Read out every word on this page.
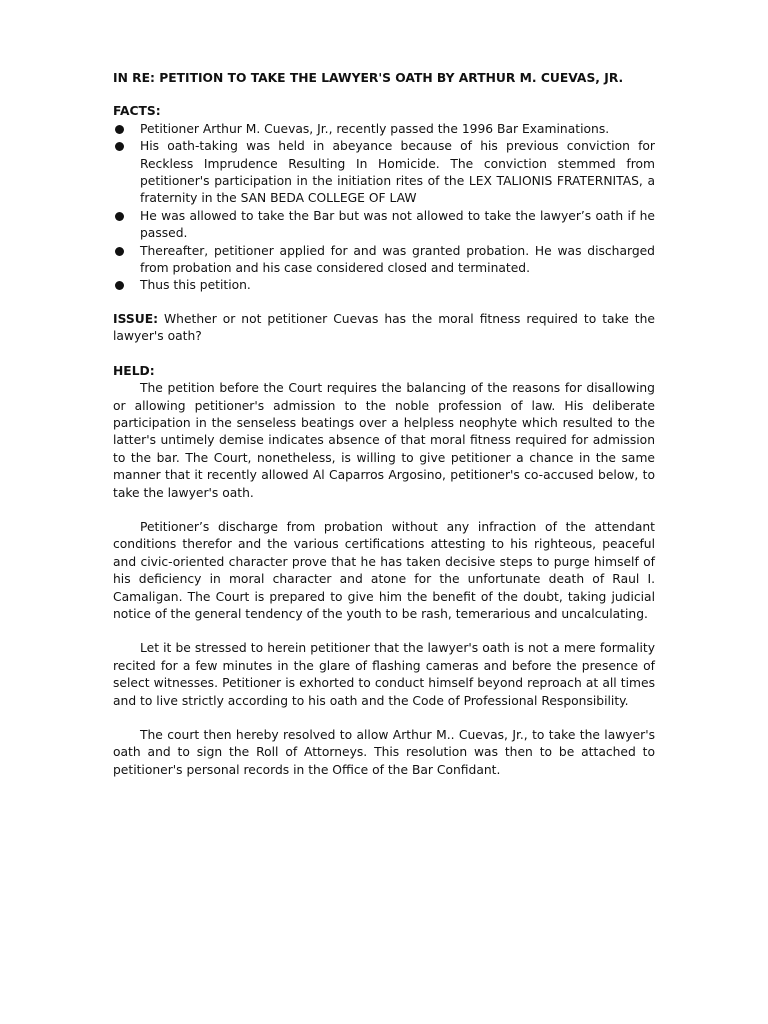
IN RE: PETITION TO TAKE THE LAWYER'S OATH BY ARTHUR M. CUEVAS, JR.

FACTS:
Petitioner Arthur M. Cuevas, Jr., recently passed the 1996 Bar Examinations.
His oath-taking was held in abeyance because of his previous conviction for Reckless Imprudence Resulting In Homicide. The conviction stemmed from petitioner's participation in the initiation rites of the LEX TALIONIS FRATERNITAS, a fraternity in the SAN BEDA COLLEGE OF LAW
He was allowed to take the Bar but was not allowed to take the lawyer’s oath if he passed.
Thereafter, petitioner applied for and was granted probation. He was discharged from probation and his case considered closed and terminated.
Thus this petition.
ISSUE: Whether or not petitioner Cuevas has the moral fitness required to take the lawyer's oath?
HELD:

The petition before the Court requires the balancing of the reasons for disallowing or allowing petitioner's admission to the noble profession of law. His deliberate participation in the senseless beatings over a helpless neophyte which resulted to the latter's untimely demise indicates absence of that moral fitness required for admission to the bar. The Court, nonetheless, is willing to give petitioner a chance in the same manner that it recently allowed Al Caparros Argosino, petitioner's co-accused below, to take the lawyer's oath.

Petitioner’s discharge from probation without any infraction of the attendant conditions therefor and the various certifications attesting to his righteous, peaceful and civic-oriented character prove that he has taken decisive steps to purge himself of his deficiency in moral character and atone for the unfortunate death of Raul I. Camaligan. The Court is prepared to give him the benefit of the doubt, taking judicial notice of the general tendency of the youth to be rash, temerarious and uncalculating.

Let it be stressed to herein petitioner that the lawyer's oath is not a mere formality recited for a few minutes in the glare of flashing cameras and before the presence of select witnesses. Petitioner is exhorted to conduct himself beyond reproach at all times and to live strictly according to his oath and the Code of Professional Responsibility.

The court then hereby resolved to allow Arthur M.. Cuevas, Jr., to take the lawyer's oath and to sign the Roll of Attorneys. This resolution was then to be attached to petitioner's personal records in the Office of the Bar Confidant.
